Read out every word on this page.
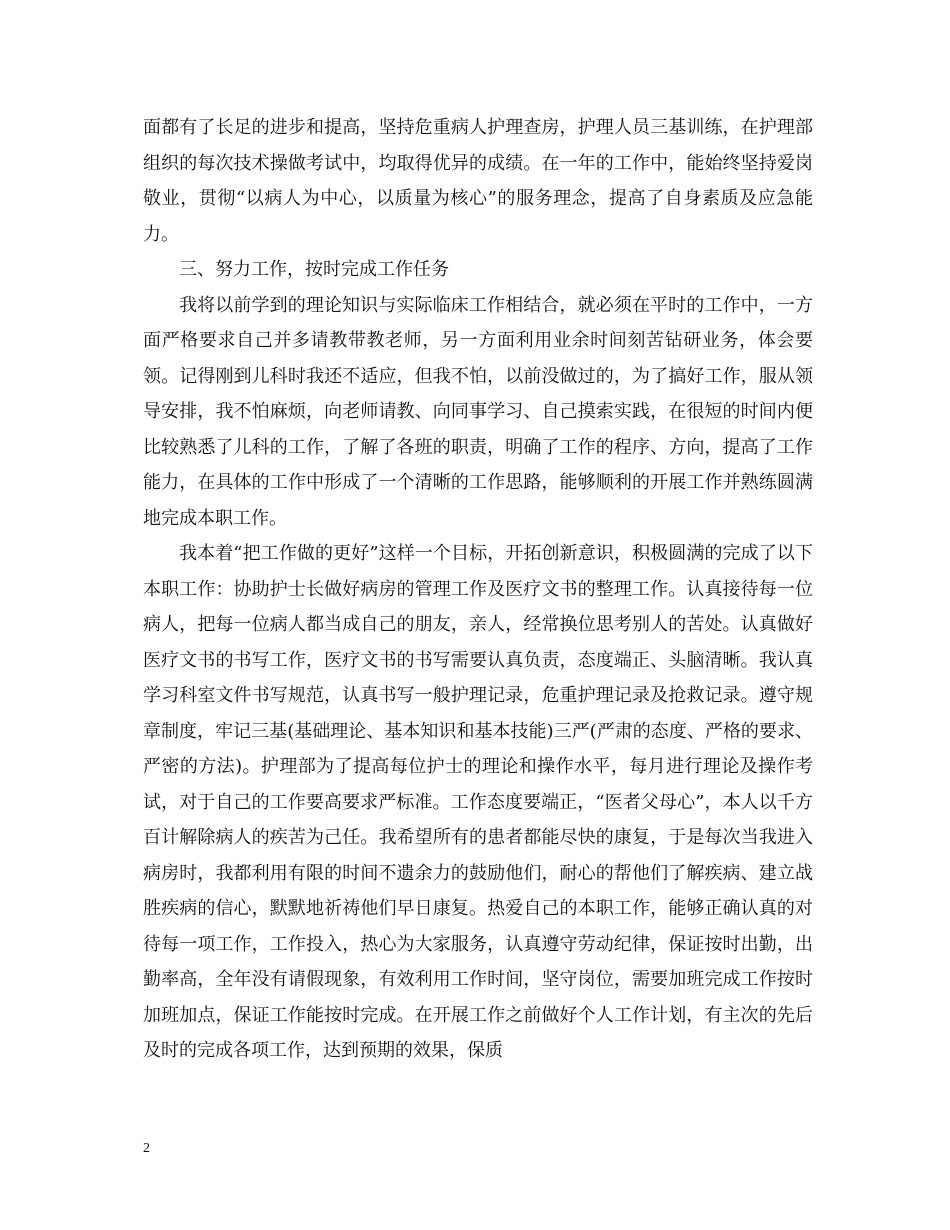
面都有了长足的进步和提高，坚持危重病人护理查房，护理人员三基训练，在护理部组织的每次技术操做考试中，均取得优异的成绩。在一年的工作中，能始终坚持爱岗敬业，贯彻“以病人为中心，以质量为核心”的服务理念，提高了自身素质及应急能力。

三、努力工作，按时完成工作任务

我将以前学到的理论知识与实际临床工作相结合，就必须在平时的工作中，一方面严格要求自己并多请教带教老师，另一方面利用业余时间刻苦钻研业务，体会要领。记得刚到儿科时我还不适应，但我不怕，以前没做过的，为了搞好工作，服从领导安排，我不怕麻烦，向老师请教、向同事学习、自己摸索实践，在很短的时间内便比较熟悉了儿科的工作，了解了各班的职责，明确了工作的程序、方向，提高了工作能力，在具体的工作中形成了一个清晰的工作思路，能够顺利的开展工作并熟练圆满地完成本职工作。

我本着“把工作做的更好”这样一个目标，开拓创新意识，积极圆满的完成了以下本职工作：协助护士长做好病房的管理工作及医疗文书的整理工作。认真接待每一位病人，把每一位病人都当成自己的朋友，亲人，经常换位思考别人的苦处。认真做好医疗文书的书写工作，医疗文书的书写需要认真负责，态度端正、头脑清晰。我认真学习科室文件书写规范，认真书写一般护理记录，危重护理记录及抢救记录。遵守规章制度，牢记三基(基础理论、基本知识和基本技能)三严(严肃的态度、严格的要求、严密的方法)。护理部为了提高每位护士的理论和操作水平，每月进行理论及操作考试，对于自己的工作要高要求严标准。工作态度要端正，“医者父母心”，本人以千方百计解除病人的疾苦为己任。我希望所有的患者都能尽快的康复，于是每次当我进入病房时，我都利用有限的时间不遗余力的鼓励他们，耐心的帮他们了解疾病、建立战胜疾病的信心，默默地祈祷他们早日康复。热爱自己的本职工作，能够正确认真的对待每一项工作，工作投入，热心为大家服务，认真遵守劳动纪律，保证按时出勤，出勤率高，全年没有请假现象，有效利用工作时间，坚守岗位，需要加班完成工作按时加班加点，保证工作能按时完成。在开展工作之前做好个人工作计划，有主次的先后及时的完成各项工作，达到预期的效果，保质

2
